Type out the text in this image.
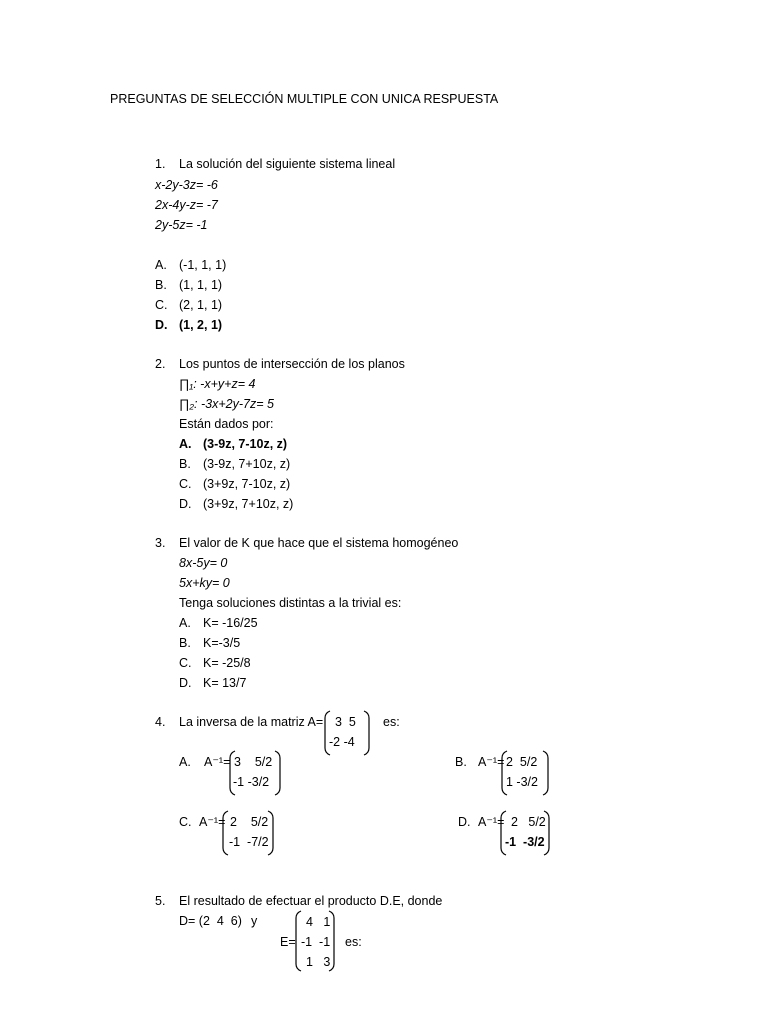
PREGUNTAS DE SELECCIÓN MULTIPLE CON UNICA RESPUESTA
1. La solución del siguiente sistema lineal
x-2y-3z= -6
2x-4y-z= -7
2y-5z= -1
A. (-1, 1, 1)
B. (1, 1, 1)
C. (2, 1, 1)
D. (1, 2, 1)
2. Los puntos de intersección de los planos
∏₁: -x+y+z= 4
∏₂: -3x+2y-7z= 5
Están dados por:
A. (3-9z, 7-10z, z)
B. (3-9z, 7+10z, z)
C. (3+9z, 7-10z, z)
D. (3+9z, 7+10z, z)
3. El valor de K que hace que el sistema homogéneo
8x-5y= 0
5x+ky= 0
Tenga soluciones distintas a la trivial es:
A. K= -16/25
B. K=-3/5
C. K= -25/8
D. K= 13/7
4. La inversa de la matriz A= 3  5
-2 -4
es:
A. A⁻¹= 3    5/2
-1 -3/2
B. A⁻¹= 2  5/2
1 -3/2
C. A⁻¹= 2    5/2
-1  -7/2
D. A⁻¹= 2   5/2
-1  -3/2
5. El resultado de efectuar el producto D.E, donde
D= (2  4  6) y
E=
4   1
-1  -1
1   3
es:
